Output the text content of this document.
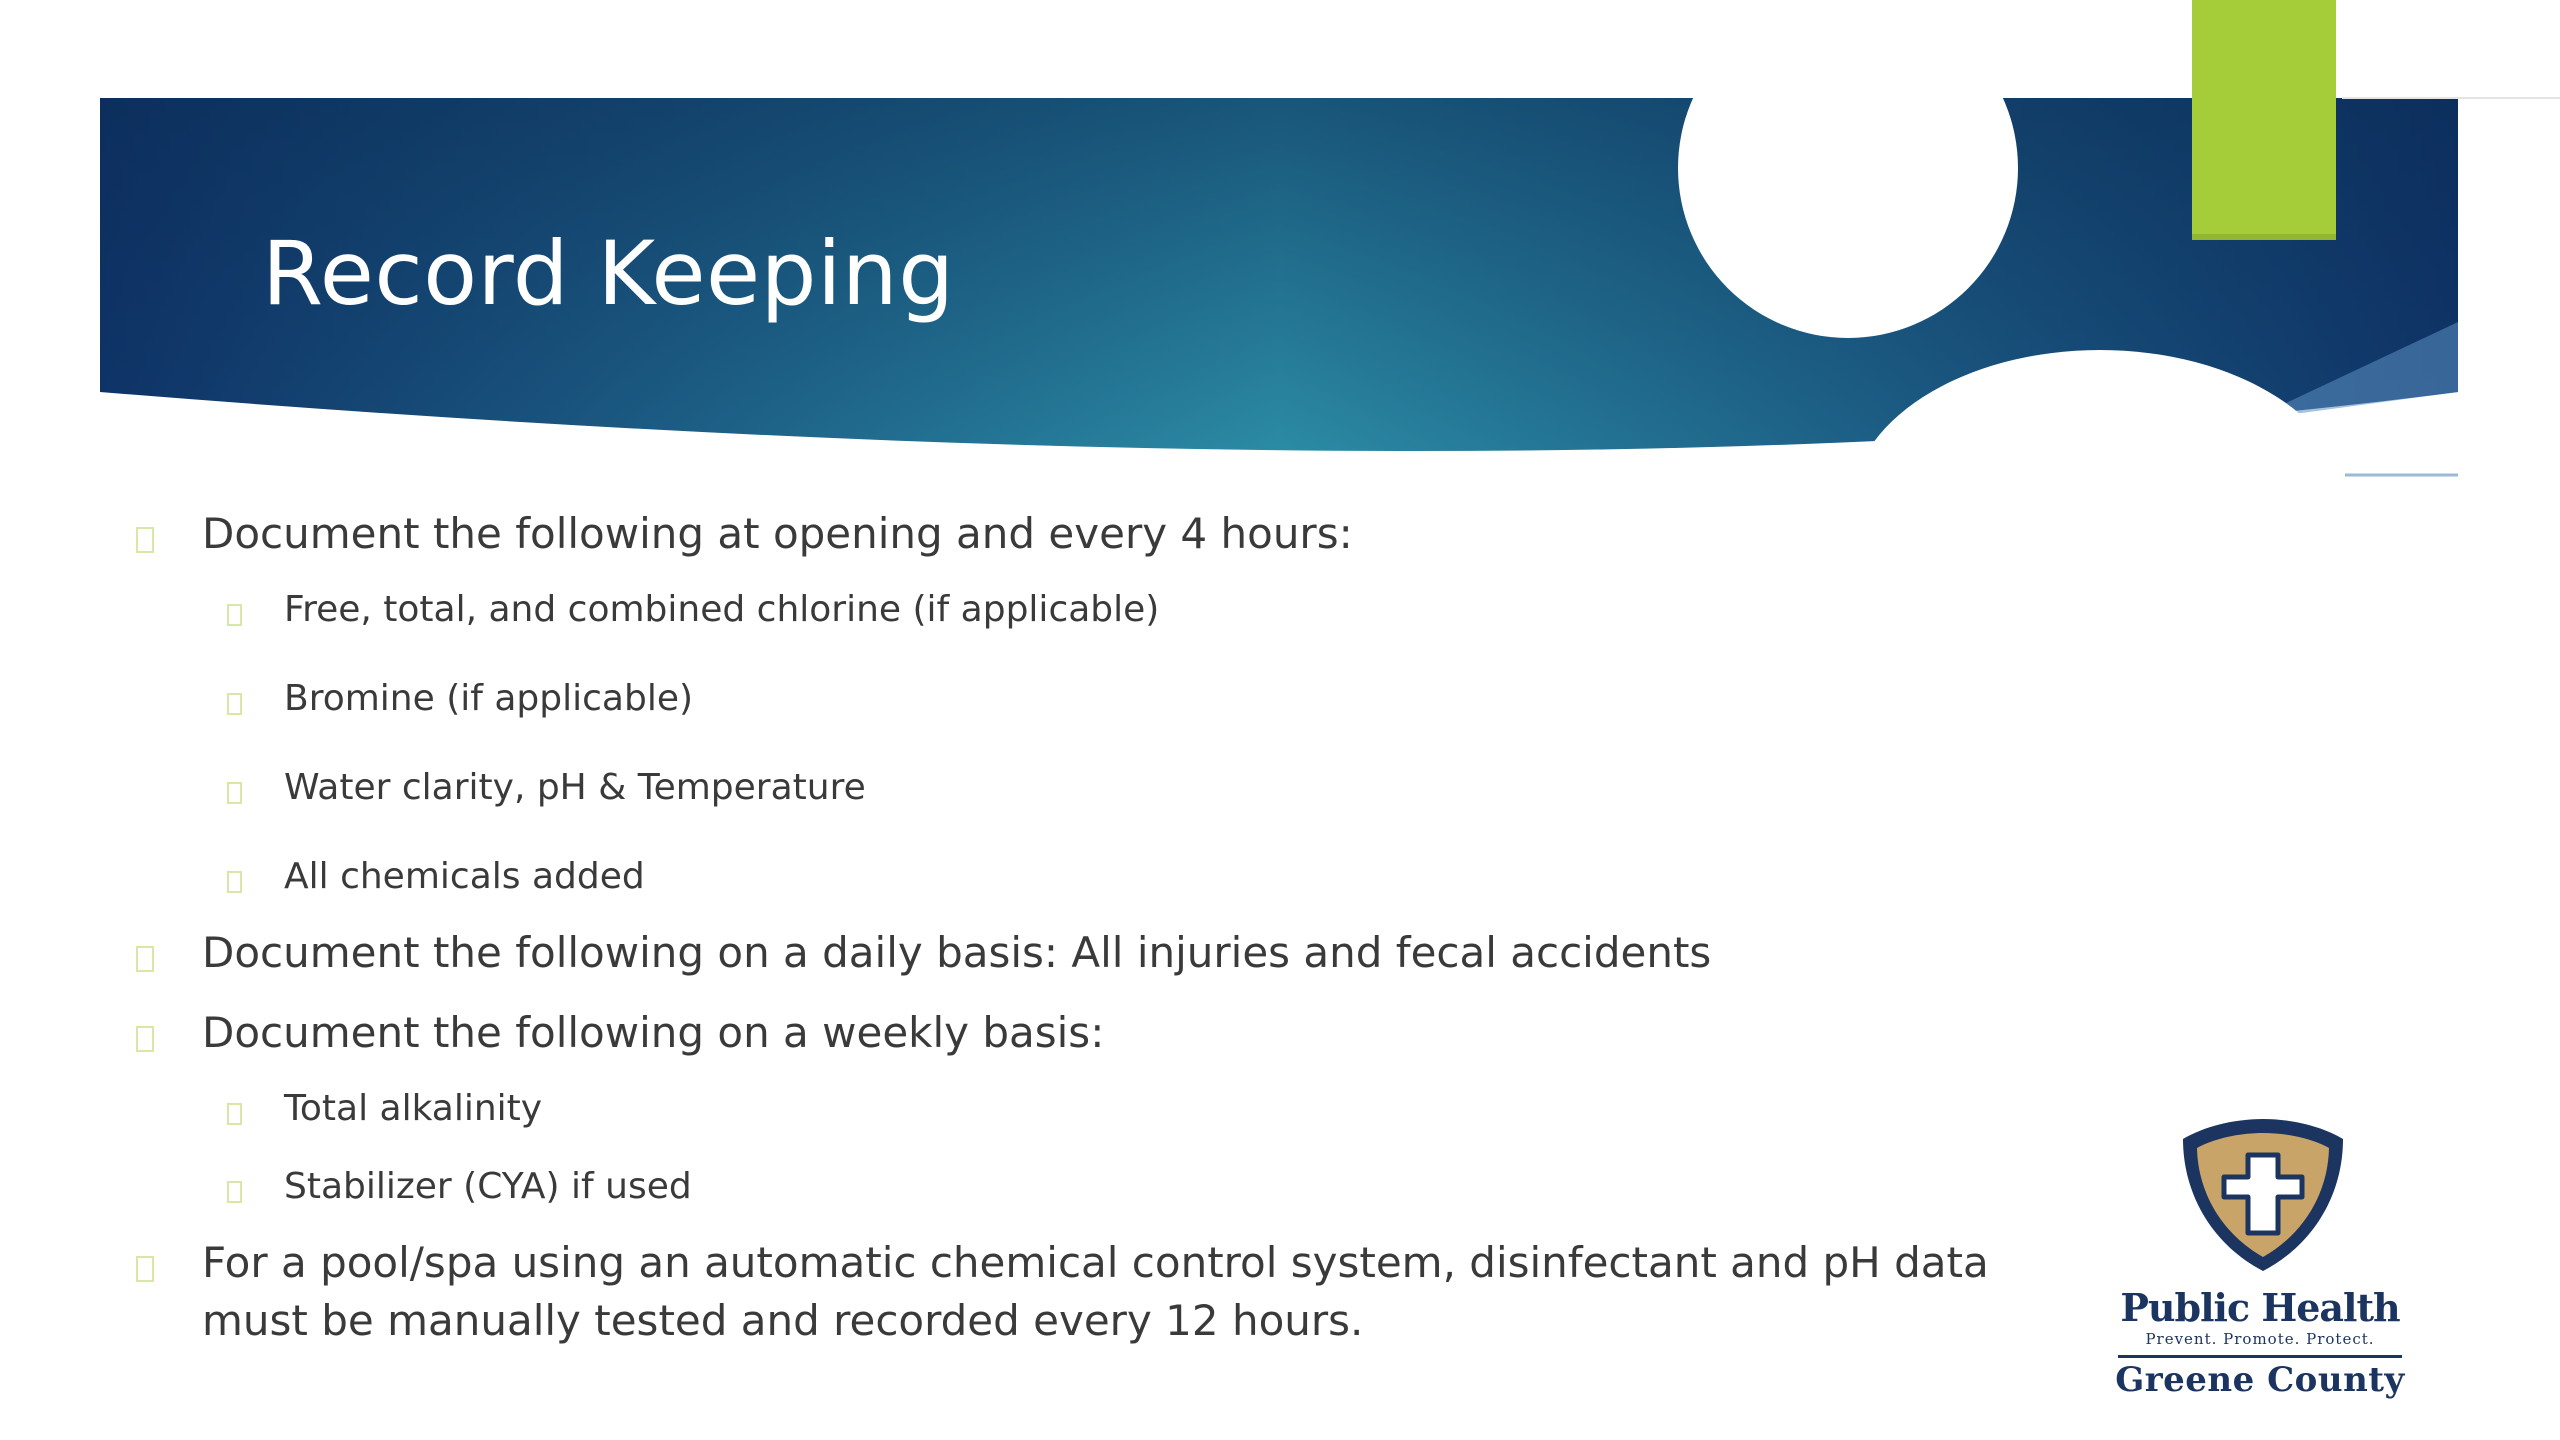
Record Keeping
Document the following at opening and every 4 hours:
Free, total, and combined chlorine (if applicable)
Bromine (if applicable)
Water clarity, pH & Temperature
All chemicals added
Document the following on a daily basis: All injuries and fecal accidents
Document the following on a weekly basis:
Total alkalinity
Stabilizer (CYA) if used
For a pool/spa using an automatic chemical control system, disinfectant and pH data must be manually tested and recorded every 12 hours.	Public Health
Prevent. Promote. Protect.
Greene County
